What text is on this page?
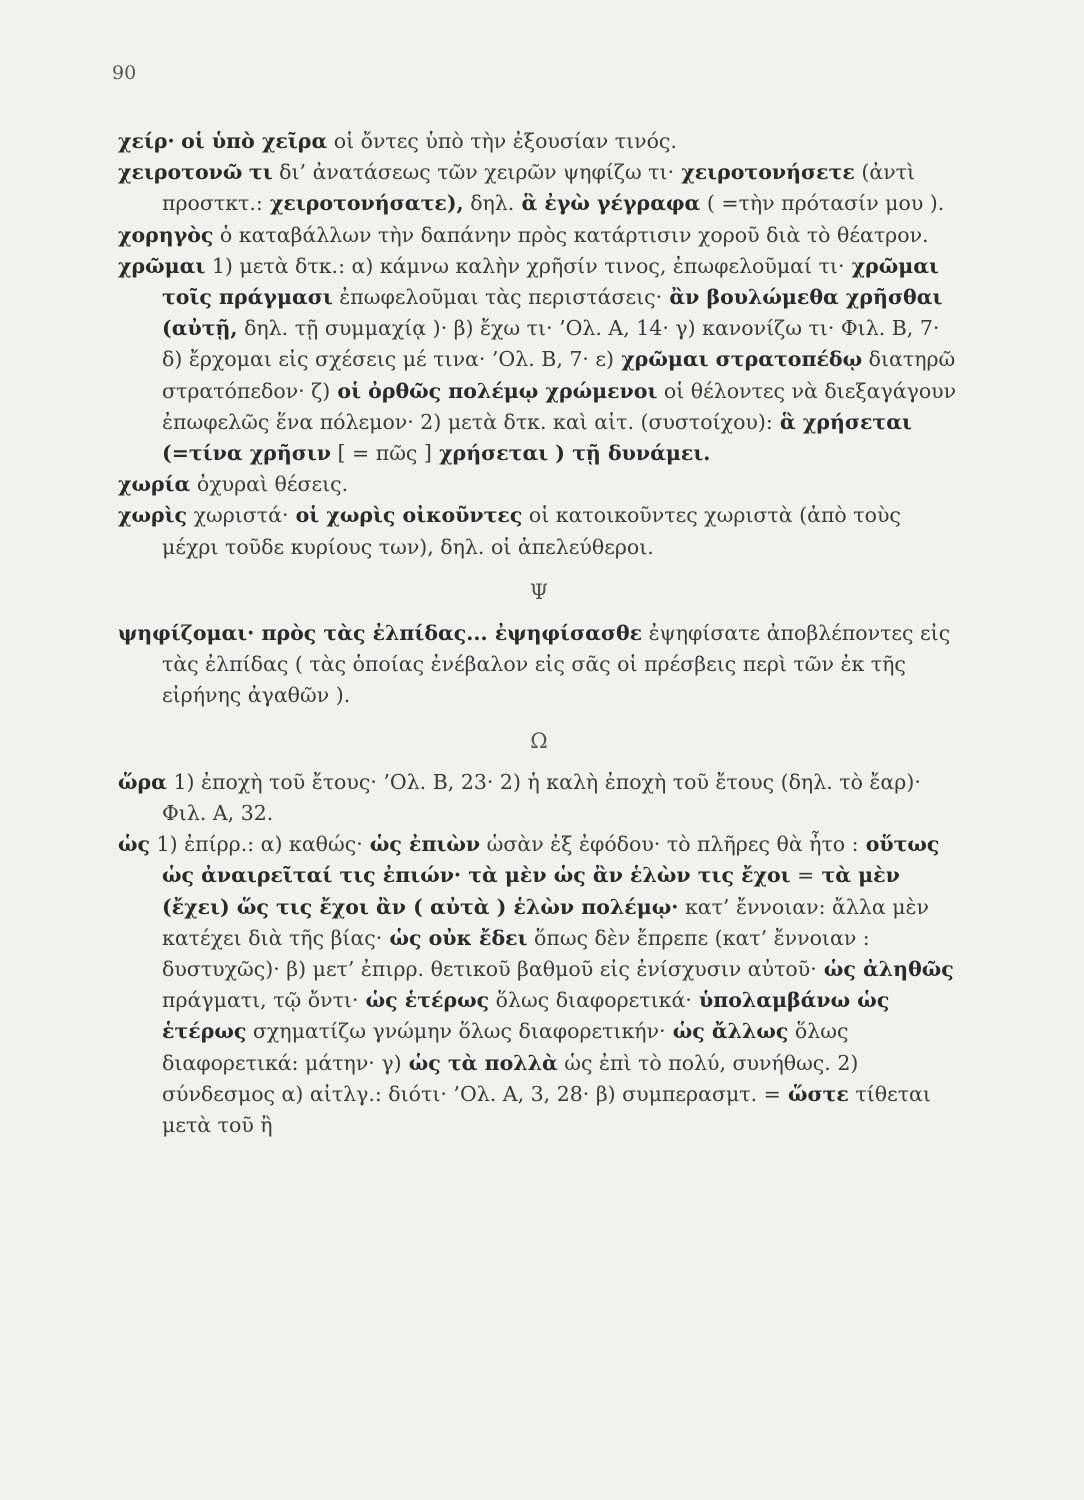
90

χείρ· οἱ ὑπὸ χεῖρα οἱ ὄντες ὑπὸ τὴν ἐξουσίαν τινός.

χειροτονῶ τι δι’ ἀνατάσεως τῶν χειρῶν ψηφίζω τι· χειροτονήσετε (ἀντὶ προστκτ.: χειροτονήσατε), δηλ. ἃ ἐγὼ γέγραφα ( =τὴν πρότασίν μου ).

χορηγὸς ὁ καταβάλλων τὴν δαπάνην πρὸς κατάρτισιν χοροῦ διὰ τὸ θέατρον.

χρῶμαι 1) μετὰ δτκ.: α) κάμνω καλὴν χρῆσίν τινος, ἐπωφελοῦμαί τι· χρῶμαι τοῖς πράγμασι ἐπωφελοῦμαι τὰς περιστάσεις· ἂν βουλώμεθα χρῆσθαι (αὐτῇ, δηλ. τῇ συμμαχίᾳ )· β) ἔχω τι· ’Ολ. Α, 14· γ) κανονίζω τι· Φιλ. Β, 7· δ) ἔρχομαι εἰς σχέσεις μέ τινα· ’Ολ. Β, 7· ε) χρῶμαι στρατοπέδῳ διατηρῶ στρατόπεδον· ζ) οἱ ὀρθῶς πολέμῳ χρώμενοι οἱ θέλοντες νὰ διεξαγάγουν ἐπωφελῶς ἕνα πόλεμον· 2) μετὰ δτκ. καὶ αἰτ. (συστοίχου): ἃ χρήσεται (=τίνα χρῆσιν [ = πῶς ] χρήσεται ) τῇ δυνάμει.

χωρία ὀχυραὶ θέσεις.

χωρὶς χωριστά· οἱ χωρὶς οἰκοῦντες οἱ κατοικοῦντες χωριστὰ (ἀπὸ τοὺς μέχρι τοῦδε κυρίους των), δηλ. οἱ ἀπελεύθεροι.

Ψ

ψηφίζομαι· πρὸς τὰς ἐλπίδας... ἐψηφίσασθε ἐψηφίσατε ἀποβλέποντες εἰς τὰς ἐλπίδας ( τὰς ὁποίας ἐνέβαλον εἰς σᾶς οἱ πρέσβεις περὶ τῶν ἐκ τῆς εἰρήνης ἀγαθῶν ).

Ω

ὥρα 1) ἐποχὴ τοῦ ἔτους· ’Ολ. Β, 23· 2) ἡ καλὴ ἐποχὴ τοῦ ἔτους (δηλ. τὸ ἔαρ)· Φιλ. Α, 32.

ὡς 1) ἐπίρρ.: α) καθώς· ὡς ἐπιὼν ὡσὰν ἐξ ἐφόδου· τὸ πλῆρες θὰ ἦτο : οὕτως ὡς ἀναιρεῖταί τις ἐπιών· τὰ μὲν ὡς ἂν ἑλὼν τις ἔχοι = τὰ μὲν (ἔχει) ὥς τις ἔχοι ἂν ( αὐτὰ ) ἑλὼν πολέμῳ· κατ’ ἔννοιαν: ἄλλα μὲν κατέχει διὰ τῆς βίας· ὡς οὐκ ἔδει ὅπως δὲν ἔπρεπε (κατ’ ἔννοιαν : δυστυχῶς)· β) μετ’ ἐπιρρ. θετικοῦ βαθμοῦ εἰς ἐνίσχυσιν αὐτοῦ· ὡς ἀληθῶς πράγματι, τῷ ὄντι· ὡς ἑτέρως ὅλως διαφορετικά· ὑπολαμβάνω ὡς ἑτέρως σχηματίζω γνώμην ὅλως διαφορετικήν· ὡς ἄλλως ὅλως διαφορετικά: μάτην· γ) ὡς τὰ πολλὰ ὡς ἐπὶ τὸ πολύ, συνήθως. 2) σύνδεσμος α) αἰτλγ.: διότι· ’Ολ. Α, 3, 28· β) συμπερασμτ. = ὥστε τίθεται μετὰ τοῦ ἢ
